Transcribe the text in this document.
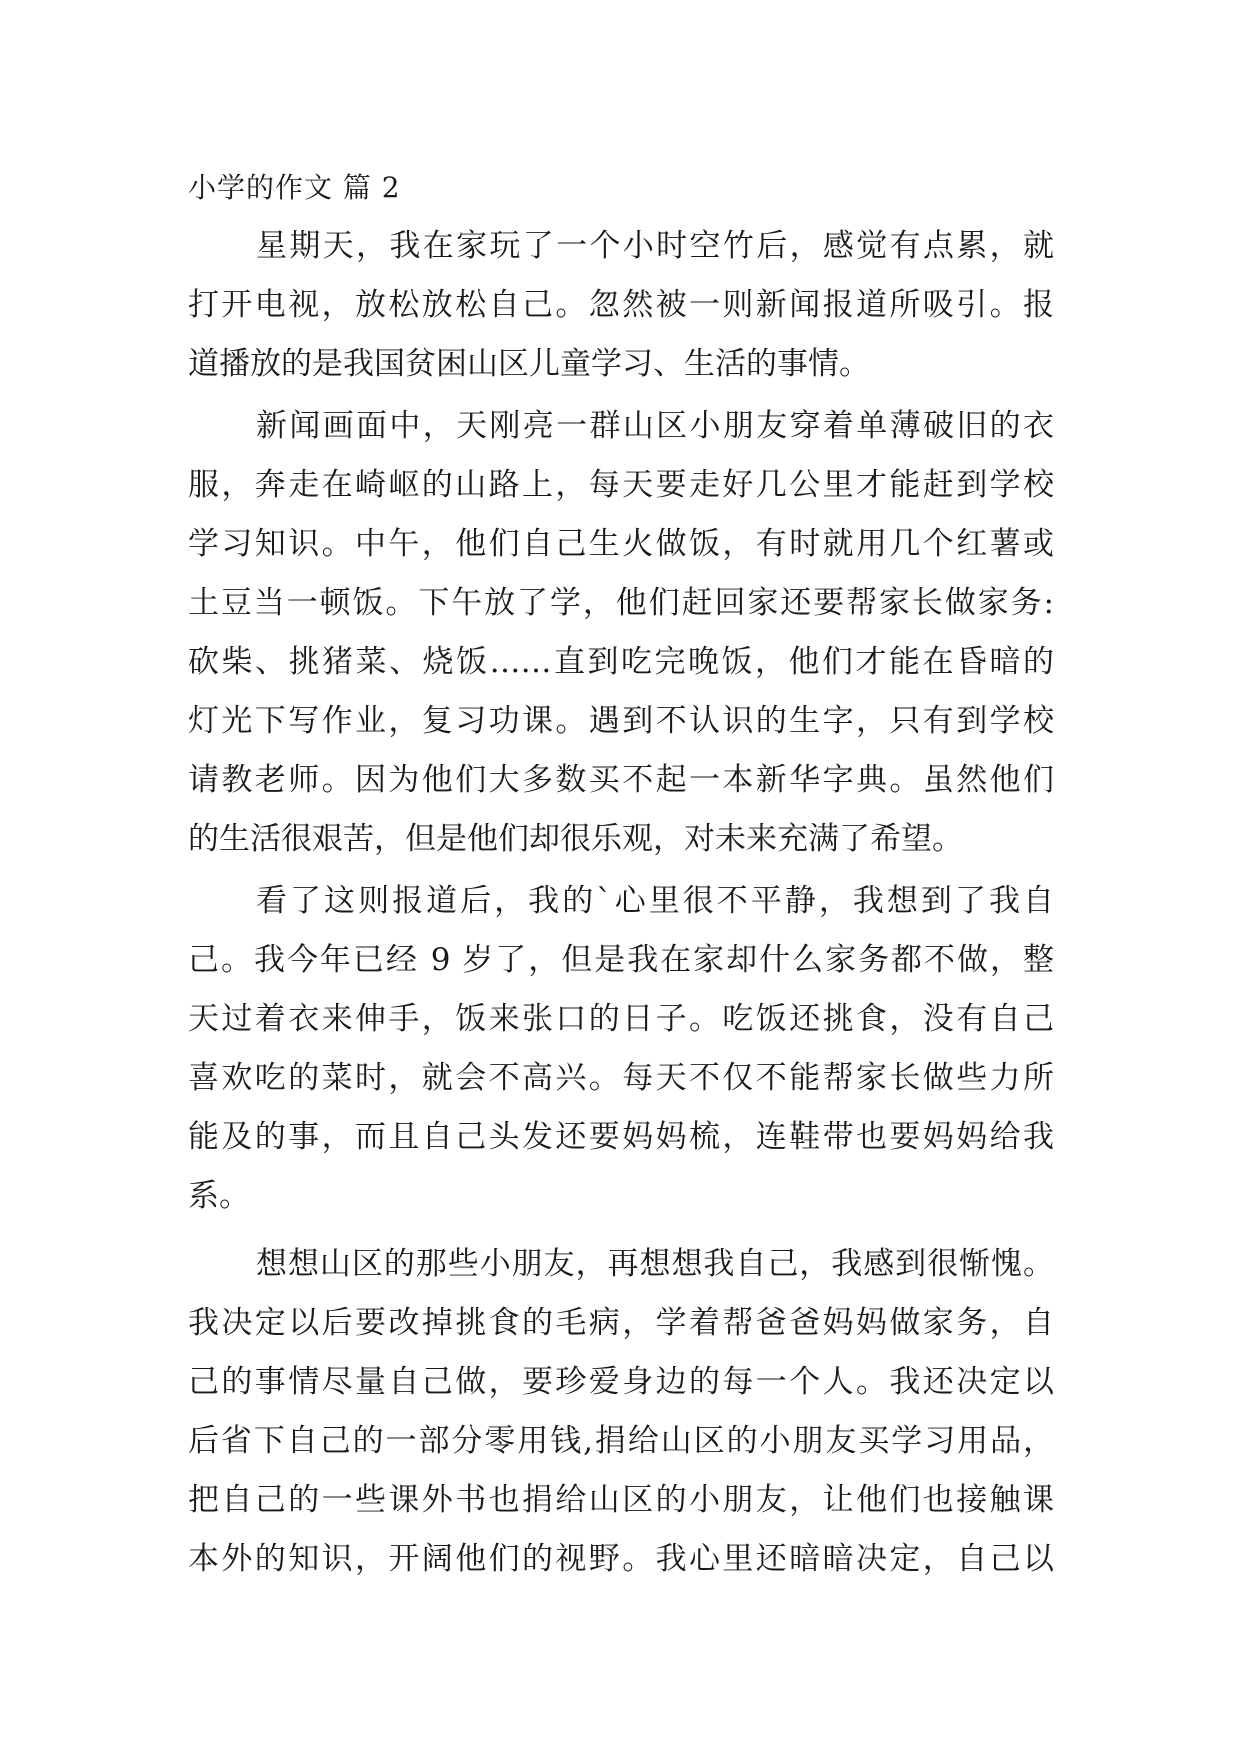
小学的作文 篇 2
星期天，我在家玩了一个小时空竹后，感觉有点累，就
打开电视，放松放松自己。忽然被一则新闻报道所吸引。报
道播放的是我国贫困山区儿童学习、生活的事情。
新闻画面中，天刚亮一群山区小朋友穿着单薄破旧的衣
服，奔走在崎岖的山路上，每天要走好几公里才能赶到学校
学习知识。中午，他们自己生火做饭，有时就用几个红薯或
土豆当一顿饭。下午放了学，他们赶回家还要帮家长做家务:
砍柴、挑猪菜、烧饭……直到吃完晚饭，他们才能在昏暗的
灯光下写作业，复习功课。遇到不认识的生字，只有到学校
请教老师。因为他们大多数买不起一本新华字典。虽然他们
的生活很艰苦，但是他们却很乐观，对未来充满了希望。
看了这则报道后，我的`心里很不平静，我想到了我自
己。我今年已经 9 岁了，但是我在家却什么家务都不做，整
天过着衣来伸手，饭来张口的日子。吃饭还挑食，没有自己
喜欢吃的菜时，就会不高兴。每天不仅不能帮家长做些力所
能及的事，而且自己头发还要妈妈梳，连鞋带也要妈妈给我
系。
想想山区的那些小朋友，再想想我自己，我感到很惭愧。
我决定以后要改掉挑食的毛病，学着帮爸爸妈妈做家务，自
己的事情尽量自己做，要珍爱身边的每一个人。我还决定以
后省下自己的一部分零用钱,捐给山区的小朋友买学习用品，
把自己的一些课外书也捐给山区的小朋友，让他们也接触课
本外的知识，开阔他们的视野。我心里还暗暗决定，自己以
